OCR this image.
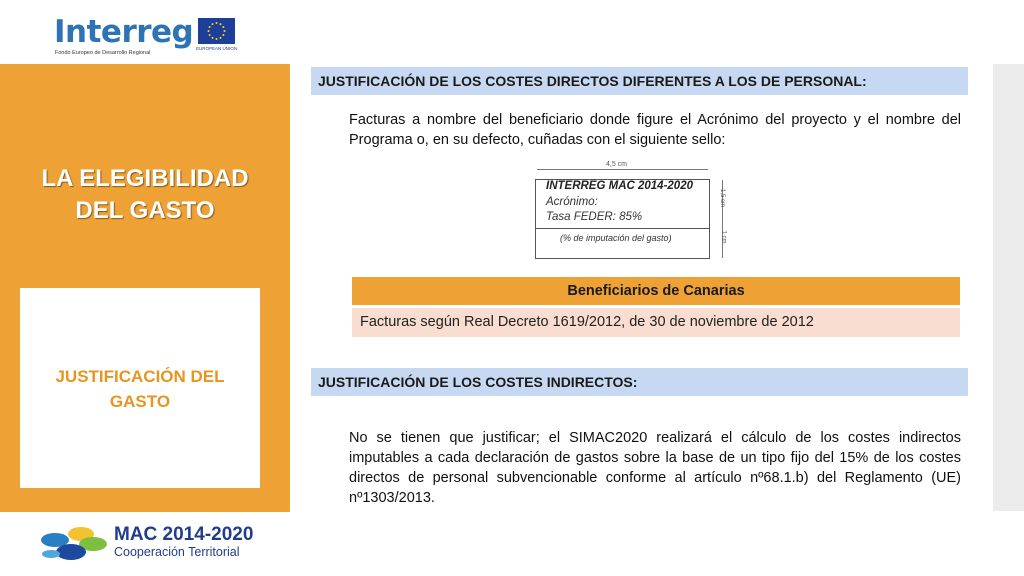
Interreg
Fondo Europeo de Desarrollo Regional
EUROPEAN UNION
LA ELEGIBILIDAD
DEL GASTO
JUSTIFICACIÓN DEL
GASTO
JUSTIFICACIÓN DE LOS COSTES DIRECTOS DIFERENTES A LOS DE PERSONAL:
Facturas a nombre del beneficiario donde figure el Acrónimo del proyecto y el nombre del Programa o, en su defecto, cuñadas con el siguiente sello:
4,5 cm
1,5 cm
1 cm
INTERREG MAC 2014-2020
Acrónimo:
Tasa FEDER: 85%
(% de imputación del gasto)
Beneficiarios de Canarias
Facturas según Real Decreto 1619/2012, de 30 de noviembre de 2012
JUSTIFICACIÓN DE LOS COSTES INDIRECTOS:
No se tienen que justificar; el SIMAC2020 realizará el cálculo de los costes indirectos imputables a cada declaración de gastos sobre la base de un tipo fijo del 15% de los costes directos de personal subvencionable conforme al artículo nº68.1.b) del Reglamento (UE) nº1303/2013.
MAC 2014-2020
Cooperación Territorial
